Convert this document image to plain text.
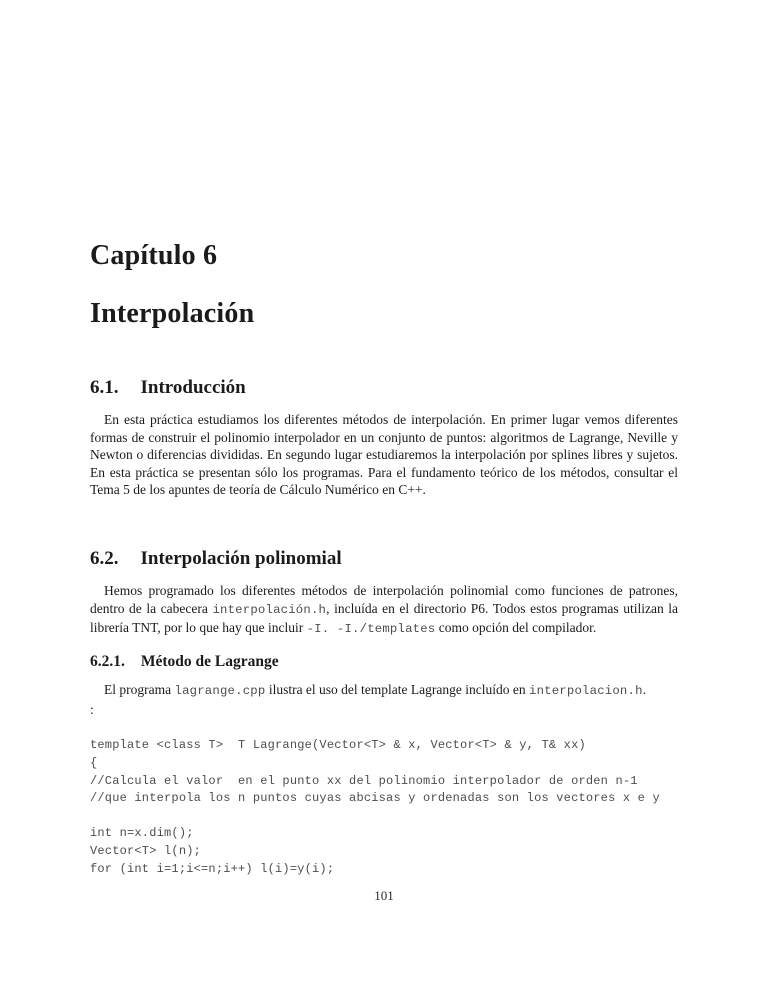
Capítulo 6
Interpolación
6.1. Introducción

En esta práctica estudiamos los diferentes métodos de interpolación. En primer lugar vemos diferentes formas de construir el polinomio interpolador en un conjunto de puntos: algoritmos de Lagrange, Neville y Newton o diferencias divididas. En segundo lugar estudiaremos la interpolación por splines libres y sujetos. En esta práctica se presentan sólo los programas. Para el fundamento teórico de los métodos, consultar el Tema 5 de los apuntes de teoría de Cálculo Numérico en C++.

6.2. Interpolación polinomial

Hemos programado los diferentes métodos de interpolación polinomial como funciones de patrones, dentro de la cabecera interpolación.h, incluída en el directorio P6. Todos estos programas utilizan la librería TNT, por lo que hay que incluir -I. -I./templates como opción del compilador.

6.2.1. Método de Lagrange

El programa lagrange.cpp ilustra el uso del template Lagrange incluído en interpolacion.h.

:
template <class T>  T Lagrange(Vector<T> & x, Vector<T> & y, T& xx)
{
//Calcula el valor  en el punto xx del polinomio interpolador de orden n-1
//que interpola los n puntos cuyas abcisas y ordenadas son los vectores x e y
int n=x.dim();
Vector<T> l(n);
for (int i=1;i<=n;i++) l(i)=y(i);
101
